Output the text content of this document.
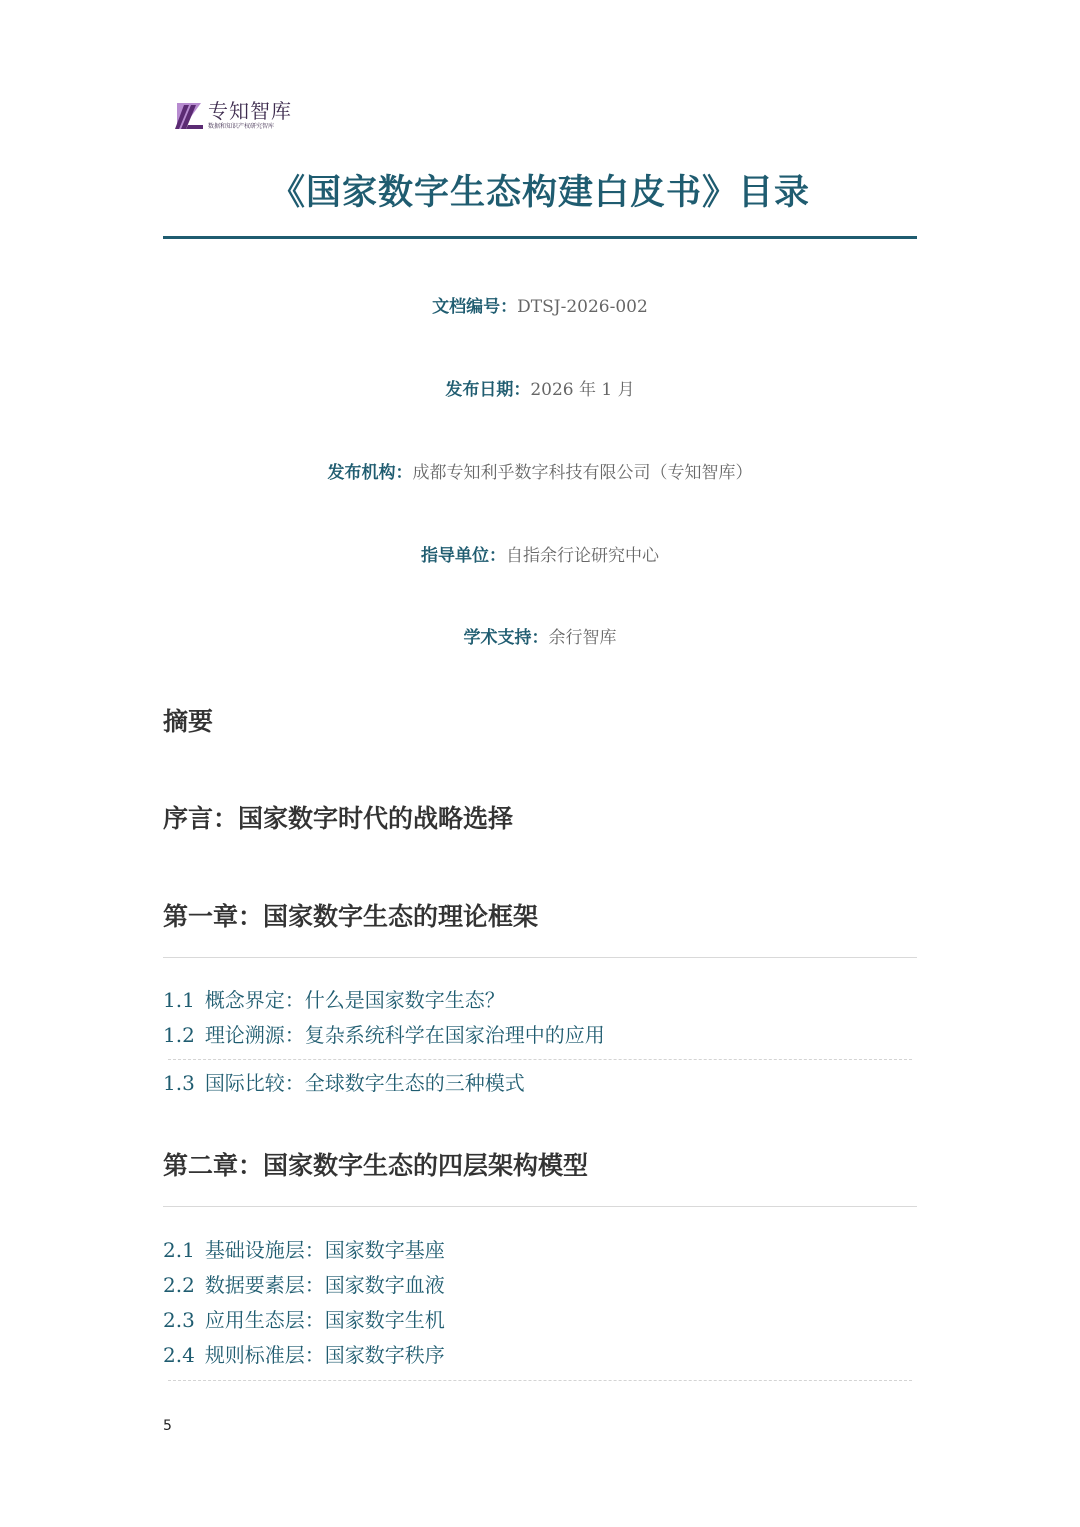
专知智库
数据和知识产权研究智库
《国家数字生态构建白皮书》目录
文档编号：DTSJ-2026-002
发布日期：2026 年 1 月
发布机构：成都专知利乎数字科技有限公司（专知智库）
指导单位：自指余行论研究中心
学术支持：余行智库
摘要
序言：国家数字时代的战略选择
第一章：国家数字生态的理论框架
1.1 概念界定：什么是国家数字生态？
1.2 理论溯源：复杂系统科学在国家治理中的应用
1.3 国际比较：全球数字生态的三种模式
第二章：国家数字生态的四层架构模型
2.1 基础设施层：国家数字基座
2.2 数据要素层：国家数字血液
2.3 应用生态层：国家数字生机
2.4 规则标准层：国家数字秩序
5
